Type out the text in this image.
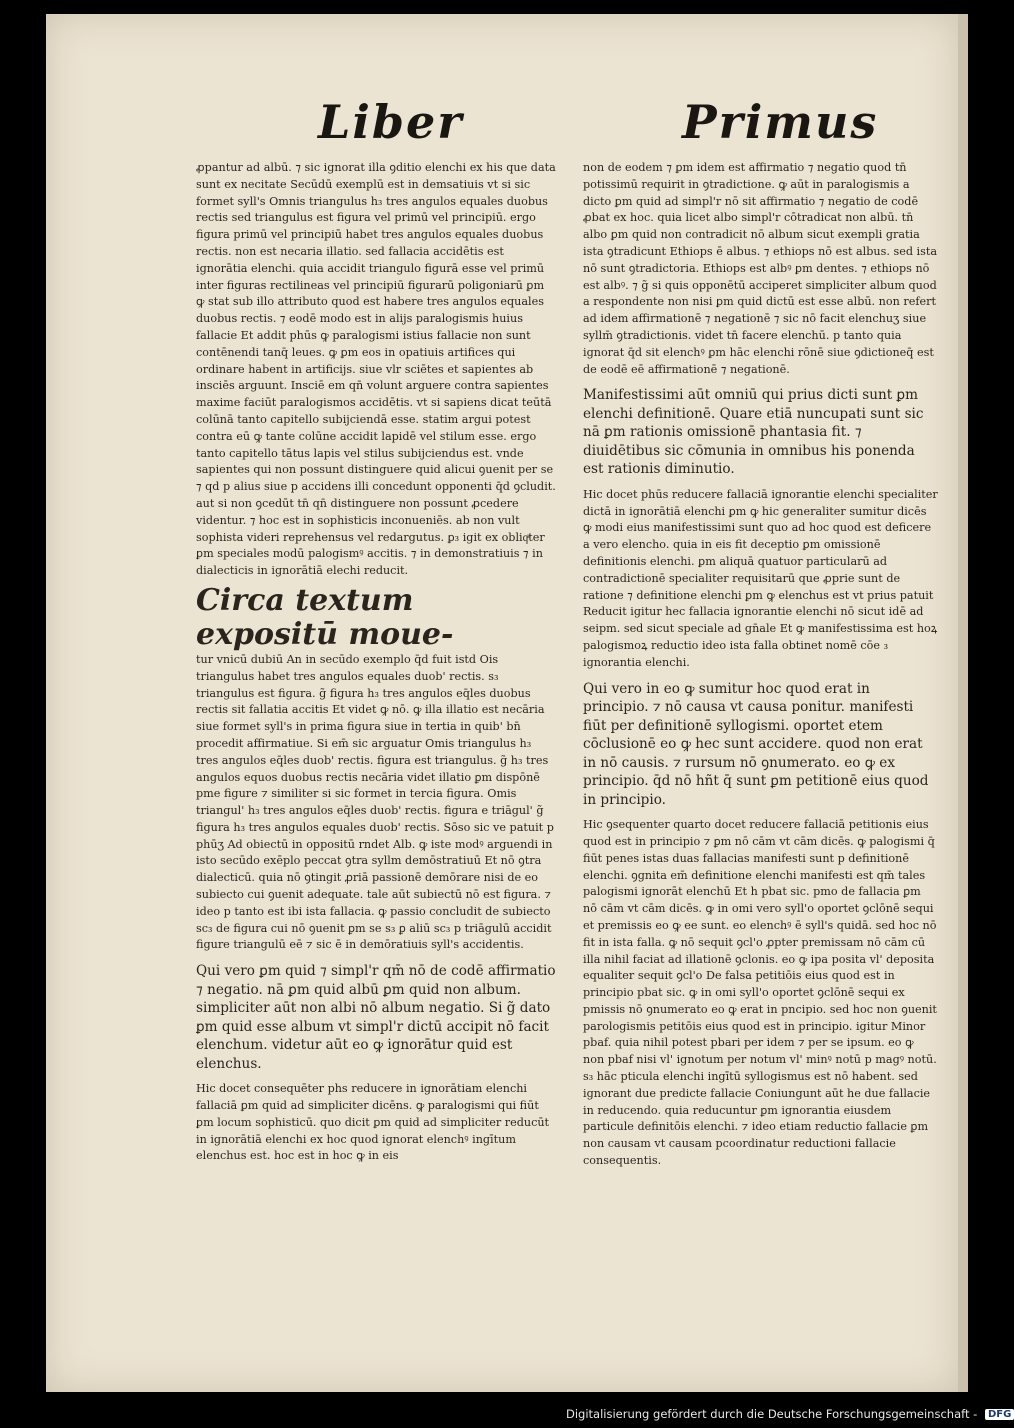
Liber	Primus

ꝓpantur ad albū. ⁊ sic ignorat illa ꝯditio elenchi ex his que data sunt ex necitate Secūdū exemplū est in demsatiuis vt si sic formet syll's Omnis triangulus h₃ tres angulos equales duobus rectis sed triangulus est figura vel primū vel principiū. ergo figura primū vel principiū habet tres angulos equales duobus rectis. non est necaria illatio. sed fallacia accidētis est ignorātia elenchi. quia accidit triangulo figurā esse vel primū inter figuras rectilineas vel principiū figurarū poligoniarū ꝑm ꝙ stat sub illo attributo quod est habere tres angulos equales duobus rectis. ⁊ eodē modo est in alijs paralogismis huius fallacie Et addit phūs ꝙ paralogismi istius fallacie non sunt contēnendi tanq̄ leues. ꝙ ꝑm eos in opatiuis artifices qui ordinare habent in artificijs. siue vlr sciētes et sapientes ab insciēs arguunt. Insciē em qn̄ volunt arguere contra sapientes maxime faciūt paralogismos accidētis. vt si sapiens dicat teūtā colūnā tanto capitello subijciendā esse. statim argui potest contra eū ꝙ tante colūne accidit lapidē vel stilum esse. ergo tanto capitello tātus lapis vel stilus subijciendus est. vnde sapientes qui non possunt distinguere quid alicui ꝯuenit per se ⁊ qd p alius siue p accidens illi concedunt opponenti q̄d ꝯcludit. aut si non ꝯcedūt tn̄ qn̄ distinguere non possunt ꝓcedere videntur. ⁊ hoc est in sophisticis inconueniēs. ab non vult sophista videri reprehensus vel redargutus. ꝑ₃ igit ex obliqͣter ꝑm speciales modū palogismꝰ accitis. ⁊ in demonstratiuis ⁊ in dialecticis in ignorātiā elechi reducit.

Circa textum expositū moue-

tur vnicū dubiū An in secūdo exemplo q̄d fuit istd Ois triangulus habet tres angulos equales duob' rectis. s₃ triangulus est figura. g̃ figura h₃ tres angulos eq̄les duobus rectis sit fallatia accitis Et videt ꝙ nō. ꝙ illa illatio est necāria siue formet syll's in prima figura siue in tertia in quib' bn̄ procedit affirmatiue. Si em̄ sic arguatur Omis triangulus h₃ tres angulos eq̄les duob' rectis. figura est triangulus. g̃ h₃ tres angulos equos duobus rectis necāria videt illatio ꝑm dispōnē pme figure ⁊ similiter si sic formet in tercia figura. Omis triangul' h₃ tres angulos eq̄les duob' rectis. figura e triāgul' g̃ figura h₃ tres angulos equales duob' rectis. Sōso sic ve patuit p phūʒ Ad obiectū in oppositū rndet Alb. ꝙ iste modꝰ arguendi in isto secūdo exēplo peccat ꝯtra syllm demōstratiuū Et nō ꝯtra dialecticū. quia nō ꝯtingit ꝓriā passionē demōrare nisi de eo subiecto cui ꝯuenit adequate. tale aūt subiectū nō est figura. ⁊ ideo p tanto est ibi ista fallacia. ꝙ passio concludit de subiecto sc₃ de figura cui nō ꝯuenit ꝑm se s₃ ꝑ aliū sc₃ p triāgulū accidit figure triangulū eē ⁊ sic ē in demōratiuis syll's accidentis.

Qui vero ꝑm quid ⁊ simpl'r qm̄ nō de codē affirmatio ⁊ negatio. nā ꝑm quid albū ꝑm quid non album. simpliciter aūt non albi nō album negatio. Si g̃ dato ꝑm quid esse album vt simpl'r dictū accipit nō facit elenchum. videtur aūt eo ꝙ ignorātur quid est elenchus.

Hic docet consequēter phs reducere in ignorātiam elenchi fallaciā ꝑm quid ad simpliciter dicēns. ꝙ paralogismi qui fiūt ꝑm locum sophisticū. quo dicit ꝑm quid ad simpliciter reducūt in ignorātiā elenchi ex hoc quod ignorat elenchꝰ ingītum elenchus est. hoc est in hoc ꝙ in eis

non de eodem ⁊ ꝑm idem est affirmatio ⁊ negatio quod tn̄ potissimū requirit in ꝯtradictione. ꝙ aūt in paralogismis a dicto ꝑm quid ad simpl'r nō sit affirmatio ⁊ negatio de codē ꝓbat ex hoc. quia licet albo simpl'r cōtradicat non albū. tn̄ albo ꝑm quid non contradicit nō album sicut exempli gratia ista ꝯtradicunt Ethiops ē albus. ⁊ ethiops nō est albus. sed ista nō sunt ꝯtradictoria. Ethiops est albꝰ ꝑm dentes. ⁊ ethiops nō est albꝰ. ⁊ g̃ si quis opponētū acciperet simpliciter album quod a respondente non nisi ꝑm quid dictū est esse albū. non refert ad idem affirmationē ⁊ negationē ⁊ sic nō facit elenchuʒ siue syllm̄ ꝯtradictionis. videt tn̄ facere elenchū. p tanto quia ignorat q̄d sit elenchꝰ ꝑm hāc elenchi rōnē siue ꝯdictioneq̄ est de eodē eē affirmationē ⁊ negationē.

Manifestissimi aūt omniū qui prius dicti sunt ꝑm elenchi definitionē. Quare etiā nuncupati sunt sic nā ꝑm rationis omissionē phantasia fit. ⁊ diuidētibus sic cōmunia in omnibus his ponenda est rationis diminutio.

Hic docet phūs reducere fallaciā ignorantie elenchi specialiter dictā in ignorātiā elenchi ꝑm ꝙ hic generaliter sumitur dicēs ꝙ modi eius manifestissimi sunt quo ad hoc quod est deficere a vero elencho. quia in eis fit deceptio ꝑm omissionē definitionis elenchi. ꝑm aliquā quatuor particularū ad contradictionē specialiter requisitarū que ꝓprie sunt de ratione ⁊ definitione elenchi ꝑm ꝙ elenchus est vt prius patuit Reducit igitur hec fallacia ignorantie elenchi nō sicut idē ad seipm. sed sicut speciale ad gn̄ale Et ꝙ manifestissima est hoꝝ palogismoꝝ reductio ideo ista falla obtinet nomē cōe ₃ ignorantia elenchi.

Qui vero in eo ꝙ sumitur hoc quod erat in principio. ⁊ nō causa vt causa ponitur. manifesti fiūt per definitionē syllogismi. oportet etem cōclusionē eo ꝙ hec sunt accidere. quod non erat in nō causis. ⁊ rursum nō ꝯnumerato. eo ꝙ ex principio. q̄d nō hñt q̄ sunt ꝑm petitionē eius quod in principio.

Hic ꝯsequenter quarto docet reducere fallaciā petitionis eius quod est in principio ⁊ ꝑm nō cām vt cām dicēs. ꝙ palogismi q̄ fiūt penes istas duas fallacias manifesti sunt p definitionē elenchi. ꝯgnita em̄ definitione elenchi manifesti est qm̄ tales palogismi ignorāt elenchū Et h pbat sic. pmo de fallacia ꝑm nō cām vt cām dicēs. ꝙ in omi vero syll'o oportet ꝯclōnē sequi et premissis eo ꝙ ee sunt. eo elenchꝰ ē syll's quidā. sed hoc nō fit in ista falla. ꝙ nō sequit ꝯcl'o ꝓpter premissam nō cām cū illa nihil faciat ad illationē ꝯclonis. eo ꝙ ipa posita vl' deposita equaliter sequit ꝯcl'o De falsa petitiōis eius quod est in principio pbat sic. ꝙ in omi syll'o oportet ꝯclōnē sequi ex pmissis nō ꝯnumerato eo ꝙ erat in pncipio. sed hoc non ꝯuenit parologismis petitōis eius quod est in principio. igitur Minor pbaf. quia nihil potest pbari per idem ⁊ per se ipsum. eo ꝙ non pbaf nisi vl' ignotum per notum vl' minꝰ notū p magꝰ notū. s₃ hāc pticula elenchi ingītū syllogismus est nō habent. sed ignorant due predicte fallacie Coniungunt aūt he due fallacie in reducendo. quia reducuntur ꝑm ignorantia eiusdem particule definitōis elenchi. ⁊ ideo etiam reductio fallacie ꝑm non causam vt causam pcoordinatur reductioni fallacie consequentis.

Digitalisierung gefördert durch die Deutsche Forschungsgemeinschaft - DFG
